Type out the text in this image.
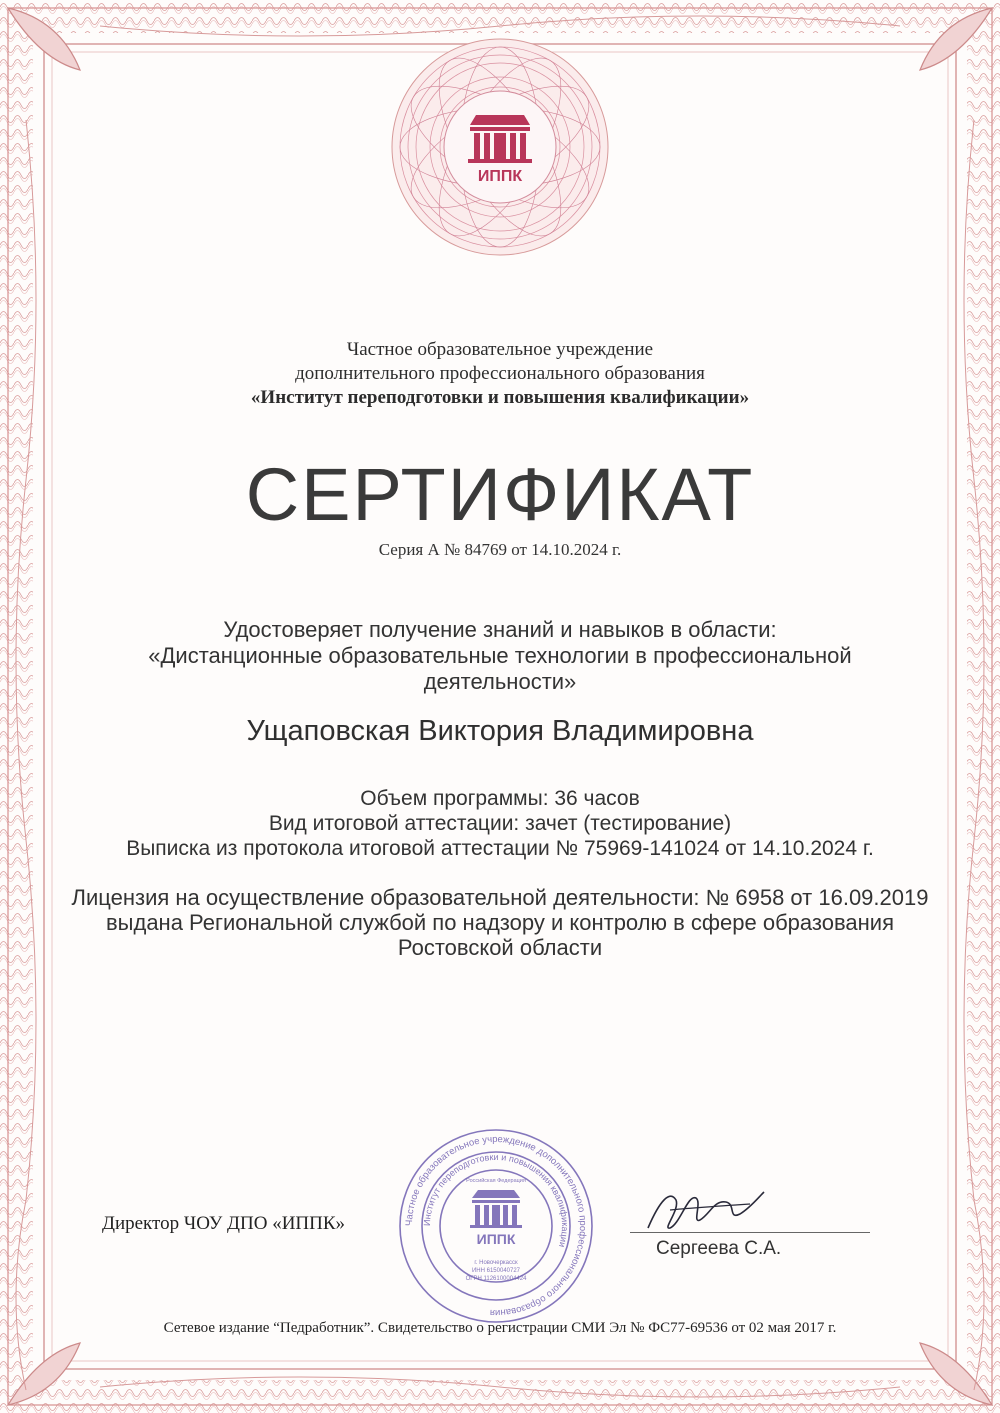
ИППК
Частное образовательное учреждение
дополнительного профессионального образования
«Институт переподготовки и повышения квалификации»
СЕРТИФИКАТ
Серия А № 84769 от 14.10.2024 г.
Удостоверяет получение знаний и навыков в области:
«Дистанционные образовательные технологии в профессиональной деятельности»
Ущаповская Виктория Владимировна
Объем программы: 36 часов
Вид итоговой аттестации: зачет (тестирование)
Выписка из протокола итоговой аттестации № 75969-141024 от 14.10.2024 г.
Лицензия на осуществление образовательной деятельности: № 6958 от 16.09.2019 выдана Региональной службой по надзору и контролю в сфере образования Ростовской области
Директор ЧОУ ДПО «ИППК»	Частное образовательное учреждение дополнительного профессионального образования
Институт переподготовки и повышения квалификации
ИППК
Российская Федерация
г. Новочеркасск
ИНН 6150040727
ОГРН 1126100004424
Сергеева С.А.
Сетевое издание “Педработник”. Свидетельство о регистрации СМИ Эл № ФС77-69536 от 02 мая 2017 г.
